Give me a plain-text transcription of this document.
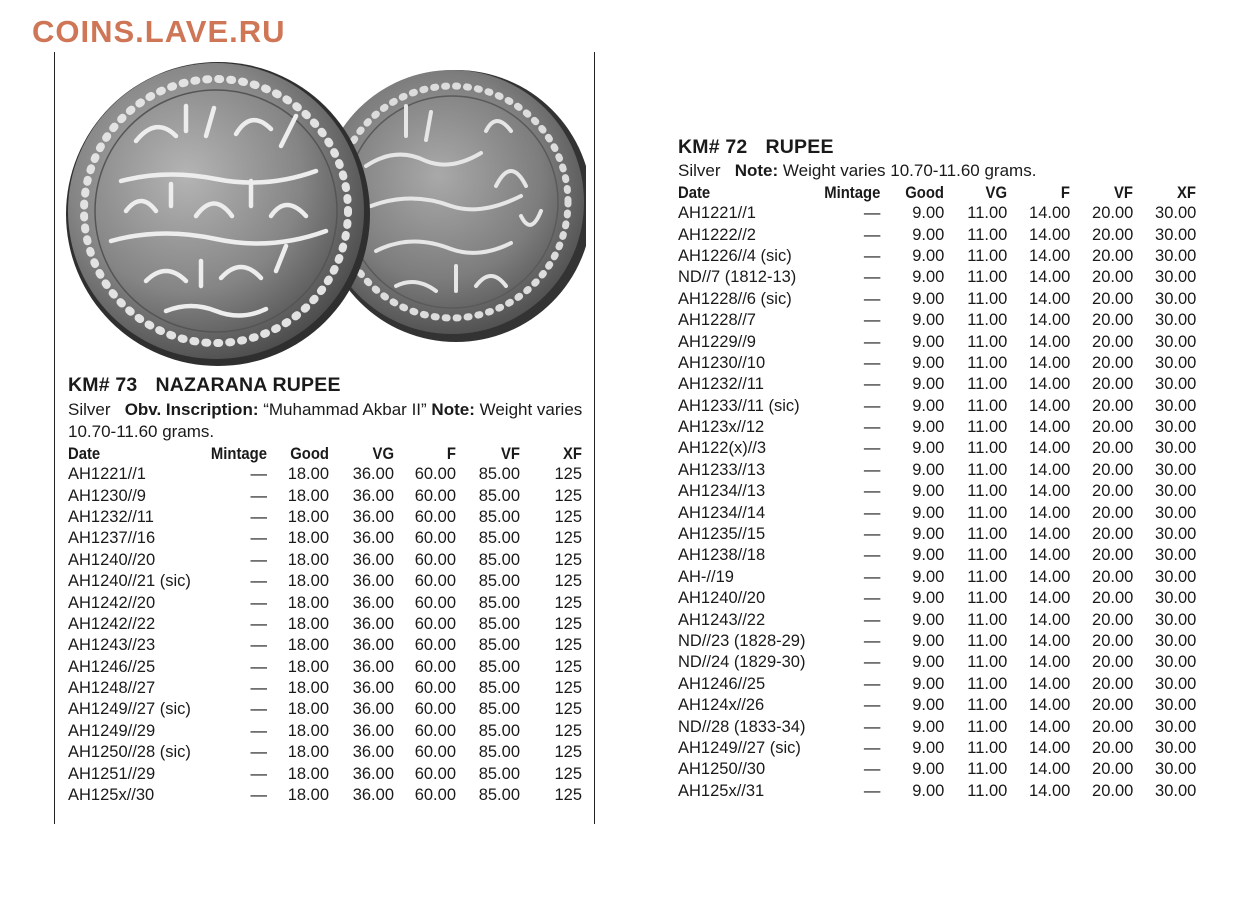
COINS.LAVE.RU
KM# 73 NAZARANA RUPEE
Silver Obv. Inscription: “Muhammad Akbar II” Note: Weight varies 10.70-11.60 grams.
Date	Mintage	Good	VG	F	VF	XF
AH1221//1	—	18.00	36.00	60.00	85.00	125
AH1230//9	—	18.00	36.00	60.00	85.00	125
AH1232//11	—	18.00	36.00	60.00	85.00	125
AH1237//16	—	18.00	36.00	60.00	85.00	125
AH1240//20	—	18.00	36.00	60.00	85.00	125
AH1240//21 (sic)	—	18.00	36.00	60.00	85.00	125
AH1242//20	—	18.00	36.00	60.00	85.00	125
AH1242//22	—	18.00	36.00	60.00	85.00	125
AH1243//23	—	18.00	36.00	60.00	85.00	125
AH1246//25	—	18.00	36.00	60.00	85.00	125
AH1248//27	—	18.00	36.00	60.00	85.00	125
AH1249//27 (sic)	—	18.00	36.00	60.00	85.00	125
AH1249//29	—	18.00	36.00	60.00	85.00	125
AH1250//28 (sic)	—	18.00	36.00	60.00	85.00	125
AH1251//29	—	18.00	36.00	60.00	85.00	125
AH125x//30	—	18.00	36.00	60.00	85.00	125
KM# 72 RUPEE
Silver Note: Weight varies 10.70-11.60 grams.
Date	Mintage	Good	VG	F	VF	XF
AH1221//1	—	9.00	11.00	14.00	20.00	30.00
AH1222//2	—	9.00	11.00	14.00	20.00	30.00
AH1226//4 (sic)	—	9.00	11.00	14.00	20.00	30.00
ND//7 (1812-13)	—	9.00	11.00	14.00	20.00	30.00
AH1228//6 (sic)	—	9.00	11.00	14.00	20.00	30.00
AH1228//7	—	9.00	11.00	14.00	20.00	30.00
AH1229//9	—	9.00	11.00	14.00	20.00	30.00
AH1230//10	—	9.00	11.00	14.00	20.00	30.00
AH1232//11	—	9.00	11.00	14.00	20.00	30.00
AH1233//11 (sic)	—	9.00	11.00	14.00	20.00	30.00
AH123x//12	—	9.00	11.00	14.00	20.00	30.00
AH122(x)//3	—	9.00	11.00	14.00	20.00	30.00
AH1233//13	—	9.00	11.00	14.00	20.00	30.00
AH1234//13	—	9.00	11.00	14.00	20.00	30.00
AH1234//14	—	9.00	11.00	14.00	20.00	30.00
AH1235//15	—	9.00	11.00	14.00	20.00	30.00
AH1238//18	—	9.00	11.00	14.00	20.00	30.00
AH-//19	—	9.00	11.00	14.00	20.00	30.00
AH1240//20	—	9.00	11.00	14.00	20.00	30.00
AH1243//22	—	9.00	11.00	14.00	20.00	30.00
ND//23 (1828-29)	—	9.00	11.00	14.00	20.00	30.00
ND//24 (1829-30)	—	9.00	11.00	14.00	20.00	30.00
AH1246//25	—	9.00	11.00	14.00	20.00	30.00
AH124x//26	—	9.00	11.00	14.00	20.00	30.00
ND//28 (1833-34)	—	9.00	11.00	14.00	20.00	30.00
AH1249//27 (sic)	—	9.00	11.00	14.00	20.00	30.00
AH1250//30	—	9.00	11.00	14.00	20.00	30.00
AH125x//31	—	9.00	11.00	14.00	20.00	30.00
